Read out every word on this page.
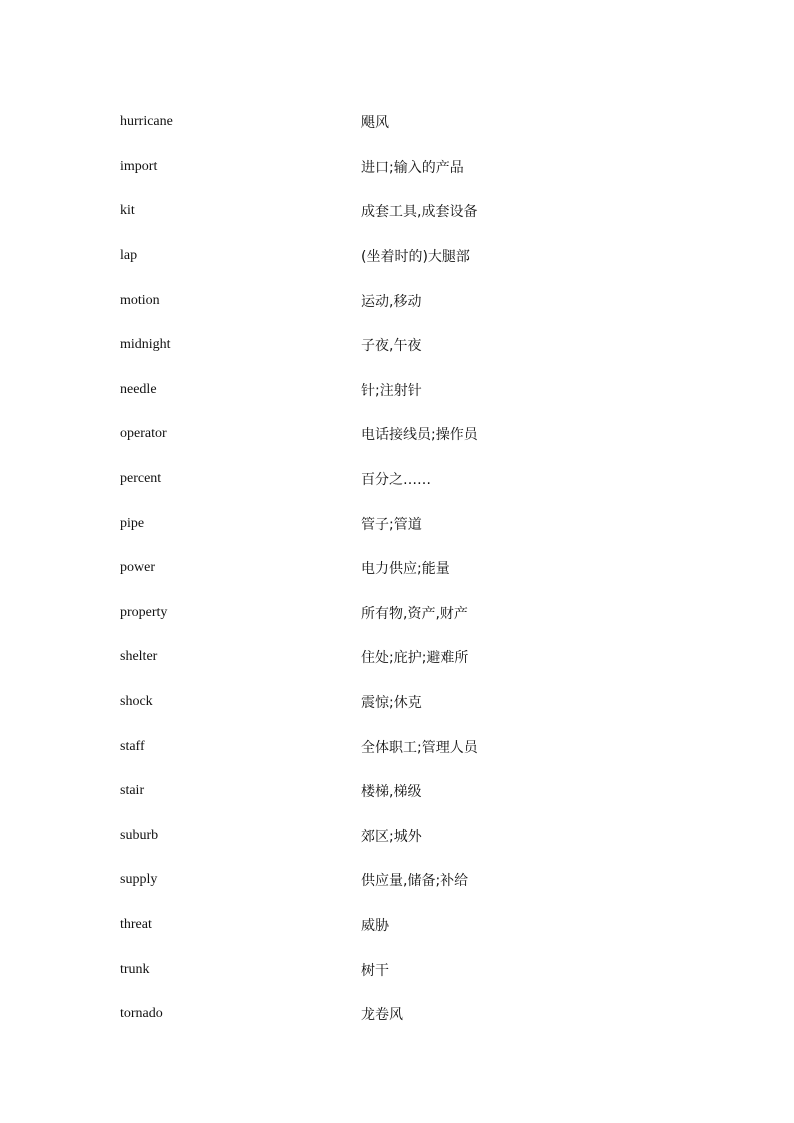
hurricane	飓风
import	进口;输入的产品
kit	成套工具,成套设备
lap	(坐着时的)大腿部
motion	运动,移动
midnight	子夜,午夜
needle	针;注射针
operator	电话接线员;操作员
percent	百分之……
pipe	管子;管道
power	电力供应;能量
property	所有物,资产,财产
shelter	住处;庇护;避难所
shock	震惊;休克
staff	全体职工;管理人员
stair	楼梯,梯级
suburb	郊区;城外
supply	供应量,储备;补给
threat	威胁
trunk	树干
tornado	龙卷风
